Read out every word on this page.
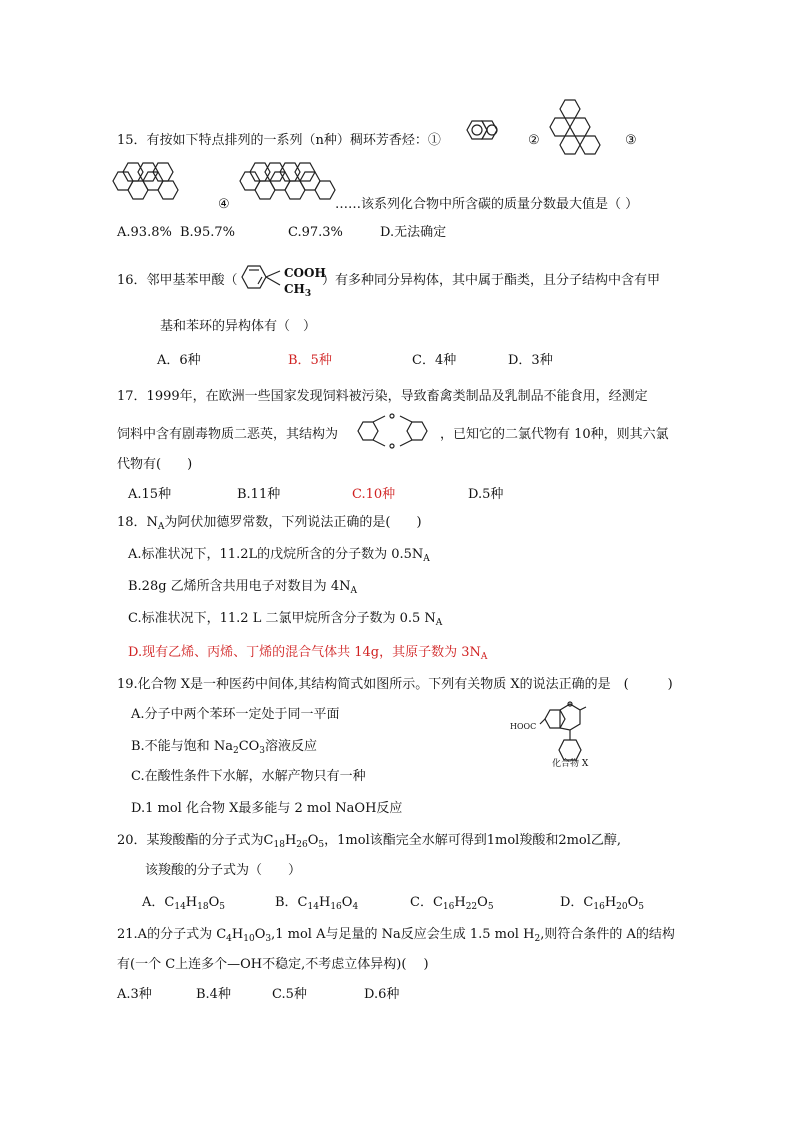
15．有按如下特点排列的一系列（n种）稠环芳香烃：①	②	③
④	……该系列化合物中所含碳的质量分数最大值是（ ）
A.93.8% B.95.7%	C.97.3%	D.无法确定
16．邻甲基苯甲酸（	COOH
$CH_3$
）有多种同分异构体，其中属于酯类，且分子结构中含有甲
基和苯环的异构体有（　）
A．6种	B．5种	C．4种	D．3种
17．1999年，在欧洲一些国家发现饲料被污染，导致畜禽类制品及乳制品不能食用，经测定
饲料中含有剧毒物质二恶英，其结构为	，已知它的二氯代物有 10种，则其六氯
代物有(　　)
A.15种	B.11种	C.10种	D.5种
18．$N_A$为阿伏加德罗常数，下列说法正确的是(　　)
A.标准状况下，11.2L的戊烷所含的分子数为 $0.5N_A$
B.28g 乙烯所含共用电子对数目为 $4N_A$
C.标准状况下，11.2 L 二氯甲烷所含分子数为 0.5 $N_A$
D.现有乙烯、丙烯、丁烯的混合气体共 14g，其原子数为 $3N_A$
19.化合物 X是一种医药中间体,其结构简式如图所示。下列有关物质 X的说法正确的是　(　　　)
A.分子中两个苯环一定处于同一平面
B.不能与饱和 $Na_2CO_3$溶液反应
C.在酸性条件下水解，水解产物只有一种
D.1 mol 化合物 X最多能与 2 mol NaOH反应
HOOC
化合物 X
20．某羧酸酯的分子式为$C_{18}H_{26}O_5$，1mol该酯完全水解可得到1mol羧酸和2mol乙醇,
该羧酸的分子式为（　　）
A．$C_{14}H_{18}O_5$	B．$C_{14}H_{16}O_4$	C．$C_{16}H_{22}O_5$	D．$C_{16}H_{20}O_5$
21.A的分子式为 $C_4H_{10}O_3,1$ mol A与足量的 Na反应会生成 1.5 mol $H_2$,则符合条件的 A的结构
有(一个 C上连多个—OH不稳定,不考虑立体异构)(　 )
A.3种	B.4种	C.5种	D.6种
